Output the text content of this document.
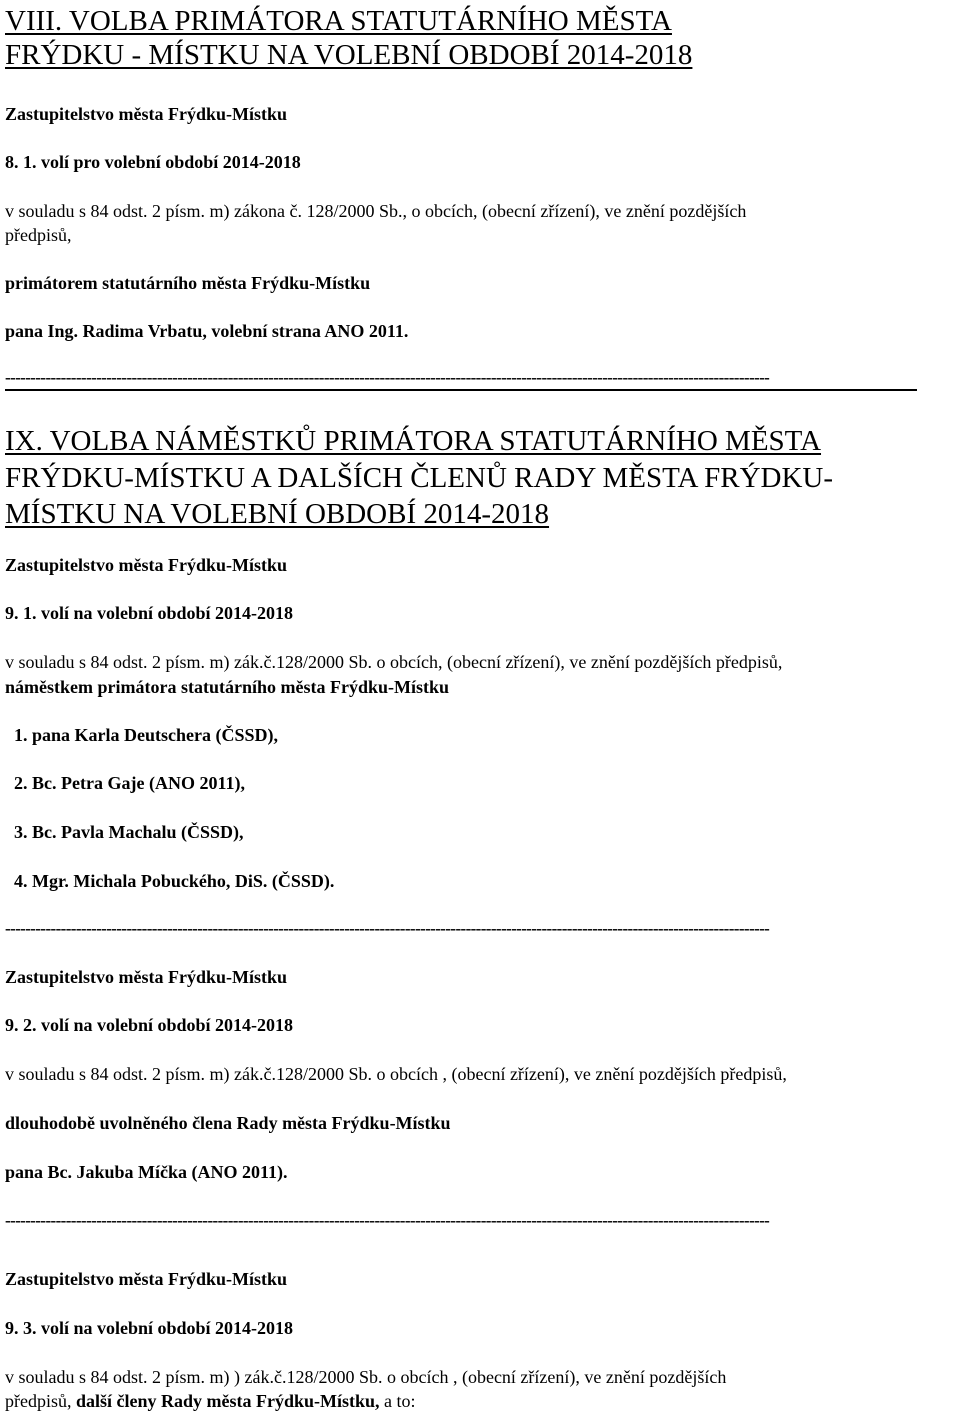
VIII. VOLBA PRIMÁTORA STATUTÁRNÍHO MĚSTA
FRÝDKU - MÍSTKU NA VOLEBNÍ OBDOBÍ 2014-2018
Zastupitelstvo města Frýdku-Místku
8. 1. volí pro volební období 2014-2018
v souladu s 84 odst. 2 písm. m) zákona č. 128/2000 Sb., o obcích, (obecní zřízení), ve znění pozdějších
předpisů,
primátorem statutárního města Frýdku-Místku
pana Ing. Radima Vrbatu, volební strana ANO 2011.
-------------------------------------------------------------------------------------------------------------------------------------------------------
IX. VOLBA NÁMĚSTKŮ PRIMÁTORA STATUTÁRNÍHO MĚSTA
FRÝDKU-MÍSTKU A DALŠÍCH ČLENŮ RADY MĚSTA FRÝDKU-
MÍSTKU NA VOLEBNÍ OBDOBÍ 2014-2018
Zastupitelstvo města Frýdku-Místku
9. 1. volí na volební období 2014-2018
v souladu s 84 odst. 2 písm. m) zák.č.128/2000 Sb. o obcích, (obecní zřízení), ve znění pozdějších předpisů,
náměstkem primátora statutárního města Frýdku-Místku
1. pana Karla Deutschera (ČSSD),
2. Bc. Petra Gaje (ANO 2011),
3. Bc. Pavla Machalu (ČSSD),
4. Mgr. Michala Pobuckého, DiS. (ČSSD).
-------------------------------------------------------------------------------------------------------------------------------------------------------
Zastupitelstvo města Frýdku-Místku
9. 2. volí na volební období 2014-2018
v souladu s 84 odst. 2 písm. m) zák.č.128/2000 Sb. o obcích , (obecní zřízení), ve znění pozdějších předpisů,
dlouhodobě uvolněného člena Rady města Frýdku-Místku
pana Bc. Jakuba Míčka (ANO 2011).
-------------------------------------------------------------------------------------------------------------------------------------------------------
Zastupitelstvo města Frýdku-Místku
9. 3. volí na volební období 2014-2018
v souladu s 84 odst. 2 písm. m) ) zák.č.128/2000 Sb. o obcích , (obecní zřízení), ve znění pozdějších
předpisů, další členy Rady města Frýdku-Místku, a to:
